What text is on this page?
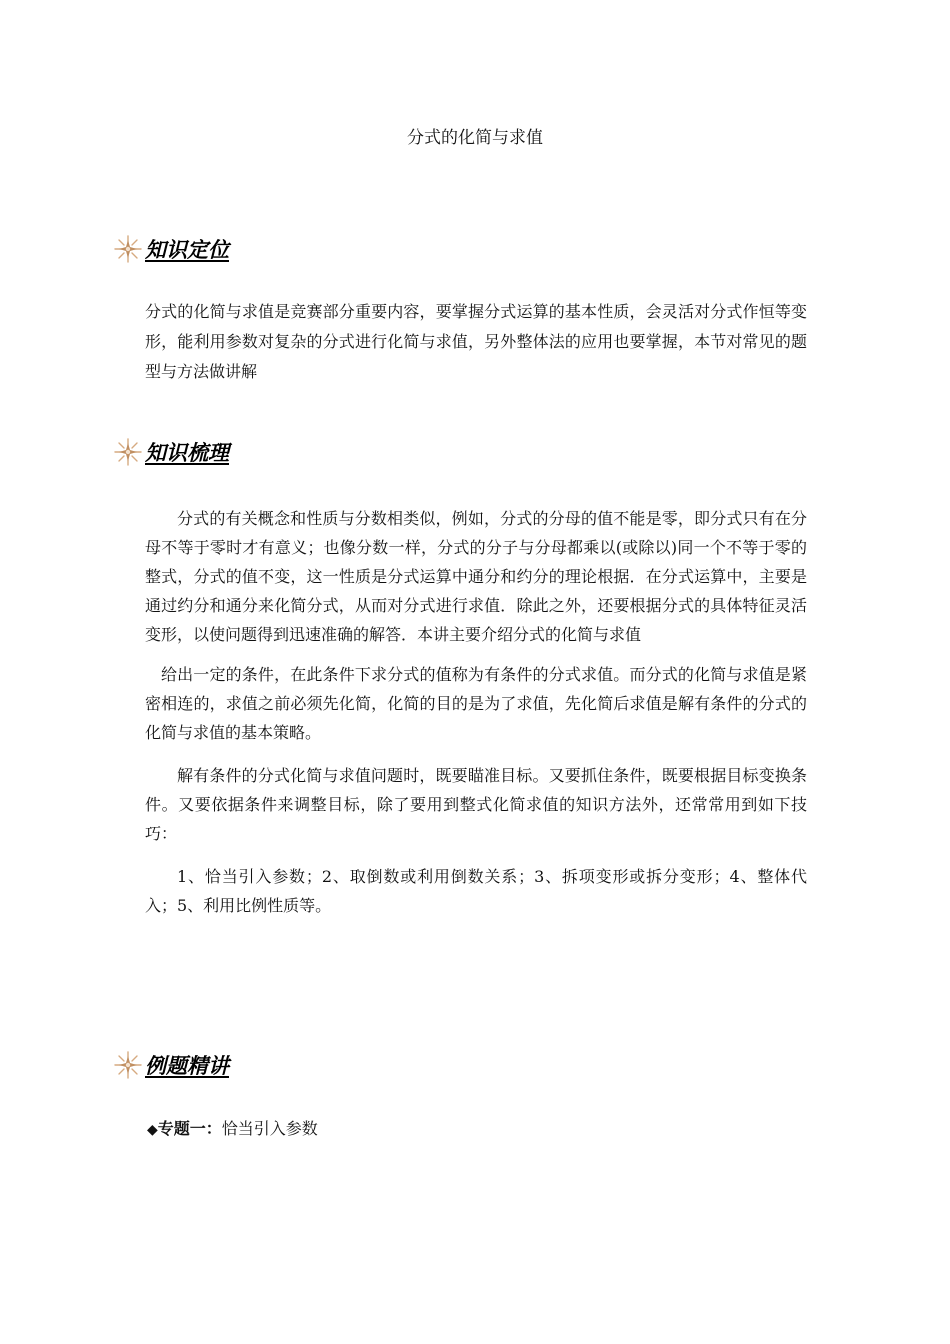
分式的化简与求值
知识定位

分式的化简与求值是竞赛部分重要内容，要掌握分式运算的基本性质，会灵活对分式作恒等变形，能利用参数对复杂的分式进行化简与求值，另外整体法的应用也要掌握，本节对常见的题型与方法做讲解

知识梳理

分式的有关概念和性质与分数相类似，例如，分式的分母的值不能是零，即分式只有在分母不等于零时才有意义；也像分数一样，分式的分子与分母都乘以(或除以)同一个不等于零的整式，分式的值不变，这一性质是分式运算中通分和约分的理论根据．在分式运算中，主要是通过约分和通分来化简分式，从而对分式进行求值．除此之外，还要根据分式的具体特征灵活变形，以使问题得到迅速准确的解答．本讲主要介绍分式的化简与求值

给出一定的条件，在此条件下求分式的值称为有条件的分式求值。而分式的化简与求值是紧密相连的，求值之前必须先化简，化简的目的是为了求值，先化简后求值是解有条件的分式的化简与求值的基本策略。

解有条件的分式化简与求值问题时，既要瞄准目标。又要抓住条件，既要根据目标变换条件。又要依据条件来调整目标，除了要用到整式化简求值的知识方法外，还常常用到如下技巧：

1、恰当引入参数；2、取倒数或利用倒数关系；3、拆项变形或拆分变形；4、整体代入；5、利用比例性质等。

例题精讲
◆专题一：恰当引入参数
